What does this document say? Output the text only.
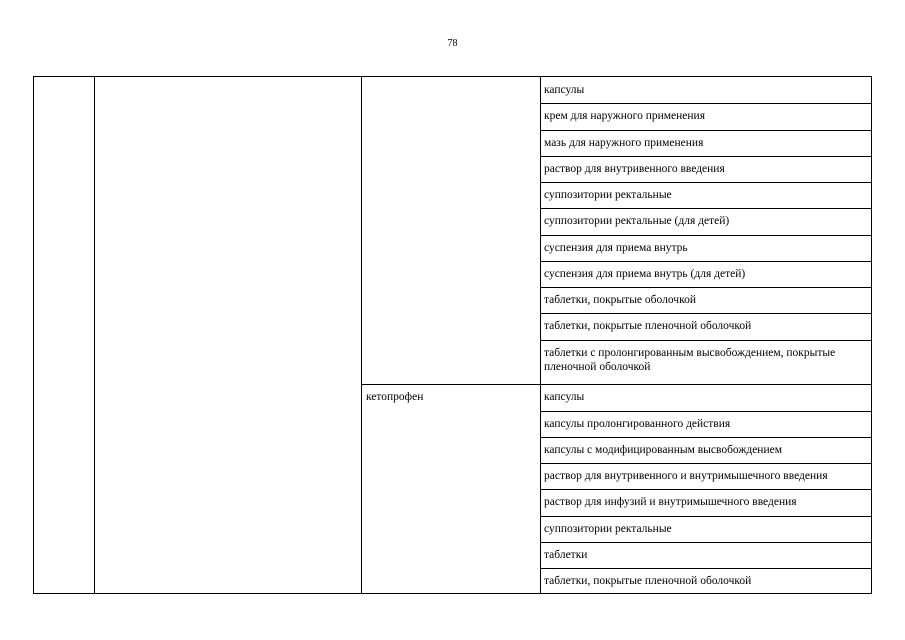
78
капсулы
крем для наружного применения
мазь для наружного применения
раствор для внутривенного введения
суппозитории ректальные
суппозитории ректальные (для детей)
суспензия для приема внутрь
суспензия для приема внутрь (для детей)
таблетки, покрытые оболочкой
таблетки, покрытые пленочной оболочкой
таблетки с пролонгированным высвобождением, покрытые пленочной оболочкой
кетопрофен	капсулы
капсулы пролонгированного действия
капсулы с модифицированным высвобождением
раствор для внутривенного и внутримышечного введения
раствор для инфузий и внутримышечного введения
суппозитории ректальные
таблетки
таблетки, покрытые пленочной оболочкой
